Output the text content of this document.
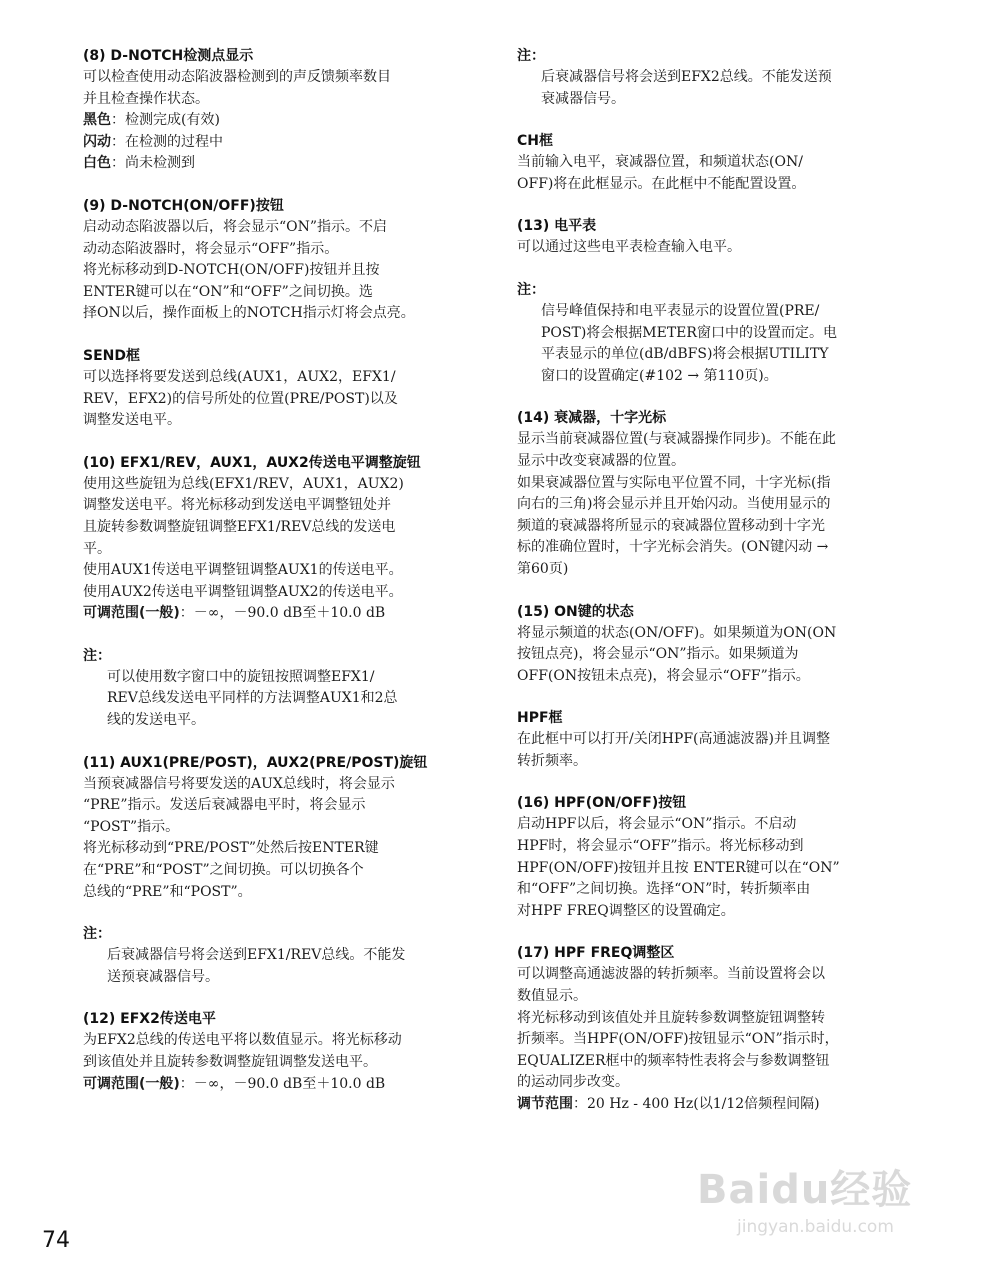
(8) D-NOTCH检测点显示
可以检查使用动态陷波器检测到的声反馈频率数目
并且检查操作状态。
黑色：检测完成(有效)
闪动：在检测的过程中
白色：尚未检测到
(9) D-NOTCH(ON/OFF)按钮
启动动态陷波器以后，将会显示“ON”指示。不启
动动态陷波器时，将会显示“OFF”指示。
将光标移动到D-NOTCH(ON/OFF)按钮并且按
ENTER键可以在“ON”和“OFF”之间切换。选
择ON以后，操作面板上的NOTCH指示灯将会点亮。
SEND框
可以选择将要发送到总线(AUX1，AUX2，EFX1/
REV，EFX2)的信号所处的位置(PRE/POST)以及
调整发送电平。
(10) EFX1/REV，AUX1，AUX2传送电平调整旋钮
使用这些旋钮为总线(EFX1/REV，AUX1，AUX2)
调整发送电平。将光标移动到发送电平调整钮处并
且旋转参数调整旋钮调整EFX1/REV总线的发送电
平。
使用AUX1传送电平调整钮调整AUX1的传送电平。
使用AUX2传送电平调整钮调整AUX2的传送电平。
可调范围(一般)：－∞，－90.0 dB至＋10.0 dB
注：
可以使用数字窗口中的旋钮按照调整EFX1/
REV总线发送电平同样的方法调整AUX1和2总
线的发送电平。
(11) AUX1(PRE/POST)，AUX2(PRE/POST)旋钮
当预衰减器信号将要发送的AUX总线时，将会显示
“PRE”指示。发送后衰减器电平时，将会显示
“POST”指示。
将光标移动到“PRE/POST”处然后按ENTER键
在“PRE”和“POST”之间切换。可以切换各个
总线的“PRE”和“POST”。
注：
后衰减器信号将会送到EFX1/REV总线。不能发
送预衰减器信号。
(12) EFX2传送电平
为EFX2总线的传送电平将以数值显示。将光标移动
到该值处并且旋转参数调整旋钮调整发送电平。
可调范围(一般)：－∞，－90.0 dB至＋10.0 dB
注：
后衰减器信号将会送到EFX2总线。不能发送预
衰减器信号。
CH框
当前输入电平，衰减器位置，和频道状态(ON/
OFF)将在此框显示。在此框中不能配置设置。
(13) 电平表
可以通过这些电平表检查输入电平。
注：
信号峰值保持和电平表显示的设置位置(PRE/
POST)将会根据METER窗口中的设置而定。电
平表显示的单位(dB/dBFS)将会根据UTILITY
窗口的设置确定(#102 → 第110页)。
(14) 衰减器，十字光标
显示当前衰减器位置(与衰减器操作同步)。不能在此
显示中改变衰减器的位置。
如果衰减器位置与实际电平位置不同，十字光标(指
向右的三角)将会显示并且开始闪动。当使用显示的
频道的衰减器将所显示的衰减器位置移动到十字光
标的准确位置时，十字光标会消失。(ON键闪动 →
第60页)
(15) ON键的状态
将显示频道的状态(ON/OFF)。如果频道为ON(ON
按钮点亮)，将会显示“ON”指示。如果频道为
OFF(ON按钮未点亮)，将会显示“OFF”指示。
HPF框
在此框中可以打开/关闭HPF(高通滤波器)并且调整
转折频率。
(16) HPF(ON/OFF)按钮
启动HPF以后，将会显示“ON”指示。不启动
HPF时，将会显示“OFF”指示。将光标移动到
HPF(ON/OFF)按钮并且按 ENTER键可以在“ON”
和“OFF”之间切换。选择“ON”时，转折频率由
对HPF FREQ调整区的设置确定。
(17) HPF FREQ调整区
可以调整高通滤波器的转折频率。当前设置将会以
数值显示。
将光标移动到该值处并且旋转参数调整旋钮调整转
折频率。当HPF(ON/OFF)按钮显示“ON”指示时，
EQUALIZER框中的频率特性表将会与参数调整钮
的运动同步改变。
调节范围：20 Hz - 400 Hz(以1/12倍频程间隔)
74
Baidu经验
jingyan.baidu.com
